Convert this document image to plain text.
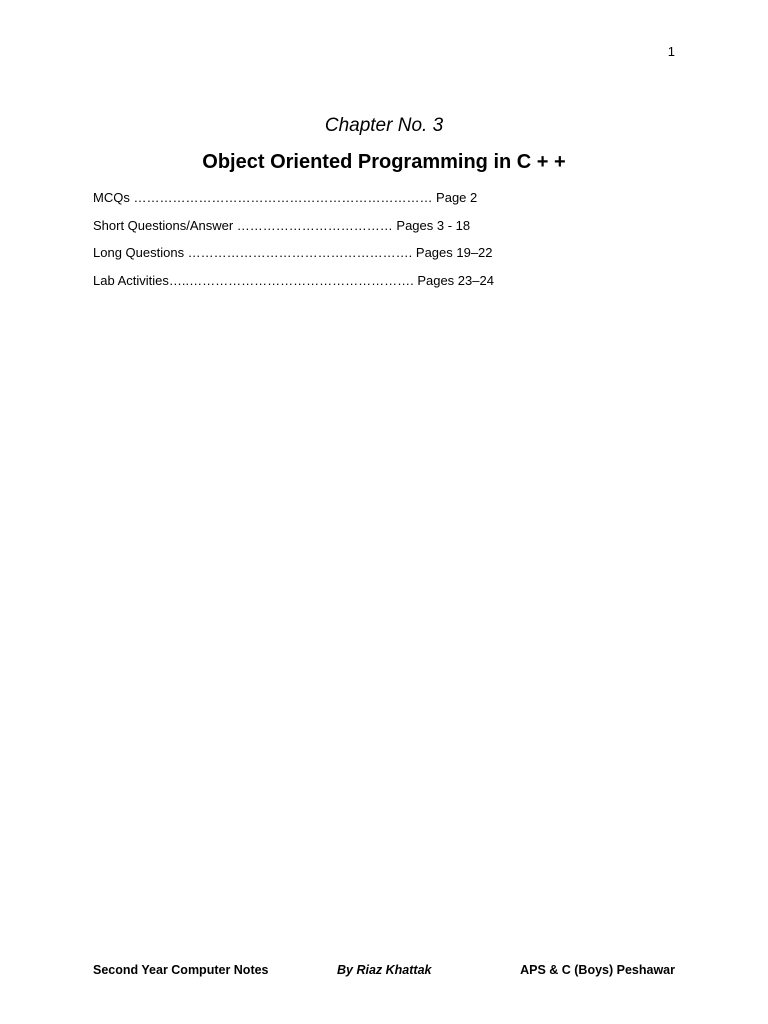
1
Chapter No. 3
Object Oriented Programming in C + +
MCQs …………………………………………………………… Page 2
Short Questions/Answer ……………………………… Pages 3 - 18
Long Questions ……………………………………………. Pages 19–22
Lab Activities…..……………………………………………. Pages 23–24
Second Year Computer Notes	By Riaz Khattak	APS & C (Boys) Peshawar
